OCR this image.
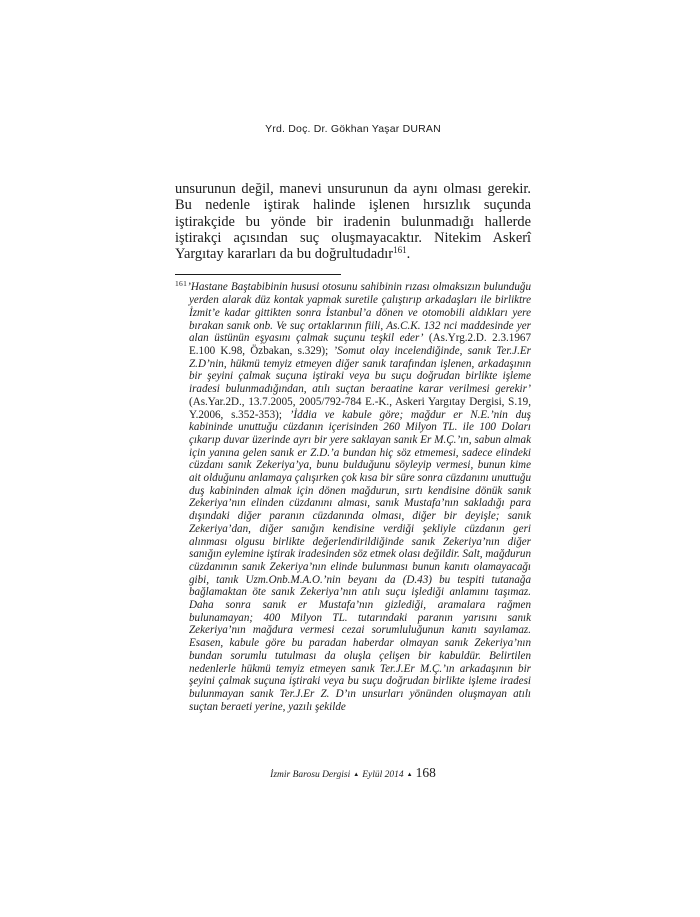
Yrd. Doç. Dr. Gökhan Yaşar DURAN

unsurunun değil, manevi unsurunun da aynı olması gerekir. Bu nedenle iştirak halinde işlenen hırsızlık suçunda iştirakçide bu yönde bir iradenin bulunmadığı hallerde iştirakçi açısından suç oluşmayacaktır. Nitekim Askerî Yargıtay kararları da bu doğrultudadır$^{161}$.

$^{161}$’Hastane Baştabibinin hususi otosunu sahibinin rızası olmaksızın bulunduğu yerden alarak düz kontak yapmak suretile çalıştırıp arkadaşları ile birliktre İzmit’e kadar gittikten sonra İstanbul’a dönen ve otomobili aldıkları yere bırakan sanık onb. Ve suç ortaklarının fiili, As.C.K. 132 nci maddesinde yer alan üstünün eşyasını çalmak suçunu teşkil eder’ (As.Yrg.2.D. 2.3.1967 E.100 K.98, Özbakan, s.329); ’Somut olay incelendiğinde, sanık Ter.J.Er Z.D’nin, hükmü temyiz etmeyen diğer sanık tarafından işlenen, arkadaşının bir şeyini çalmak suçuna iştiraki veya bu suçu doğrudan birlikte işleme iradesi bulunmadığından, atılı suçtan beraatine karar verilmesi gerekir’ (As.Yar.2D., 13.7.2005, 2005/792-784 E.-K., Askeri Yargıtay Dergisi, S.19, Y.2006, s.352-353); ’İddia ve kabule göre; mağdur er N.E.’nin duş kabininde unuttuğu cüzdanın içerisinden 260 Milyon TL. ile 100 Doları çıkarıp duvar üzerinde ayrı bir yere saklayan sanık Er M.Ç.’ın, sabun almak için yanına gelen sanık er Z.D.’a bundan hiç söz etmemesi, sadece elindeki cüzdanı sanık Zekeriya’ya, bunu bulduğunu söyleyip vermesi, bunun kime ait olduğunu anlamaya çalışırken çok kısa bir süre sonra cüzdanını unuttuğu duş kabininden almak için dönen mağdurun, sırtı kendisine dönük sanık Zekeriya’nın elinden cüzdanını alması, sanık Mustafa’nın sakladığı para dışındaki diğer paranın cüzdanında olması, diğer bir deyişle; sanık Zekeriya’dan, diğer sanığın kendisine verdiği şekliyle cüzdanın geri alınması olgusu birlikte değerlendirildiğinde sanık Zekeriya’nın diğer sanığın eylemine iştirak iradesinden söz etmek olası değildir. Salt, mağdurun cüzdanının sanık Zekeriya’nın elinde bulunması bunun kanıtı olamayacağı gibi, tanık Uzm.Onb.M.A.O.’nin beyanı da (D.43) bu tespiti tutanağa bağlamaktan öte sanık Zekeriya’nın atılı suçu işlediği anlamını taşımaz. Daha sonra sanık er Mustafa’nın gizlediği, aramalara rağmen bulunamayan; 400 Milyon TL. tutarındaki paranın yarısını sanık Zekeriya’nın mağdura vermesi cezai sorumluluğunun kanıtı sayılamaz. Esasen, kabule göre bu paradan haberdar olmayan sanık Zekeriya’nın bundan sorumlu tutulması da oluşla çelişen bir kabuldür. Belirtilen nedenlerle hükmü temyiz etmeyen sanık Ter.J.Er M.Ç.’ın arkadaşının bir şeyini çalmak suçuna iştiraki veya bu suçu doğrudan birlikte işleme iradesi bulunmayan sanık Ter.J.Er Z. D’ın unsurları yönünden oluşmayan atılı suçtan beraeti yerine, yazılı şekilde

İzmir Barosu Dergisi ▲ Eylül 2014 ▲ 168
